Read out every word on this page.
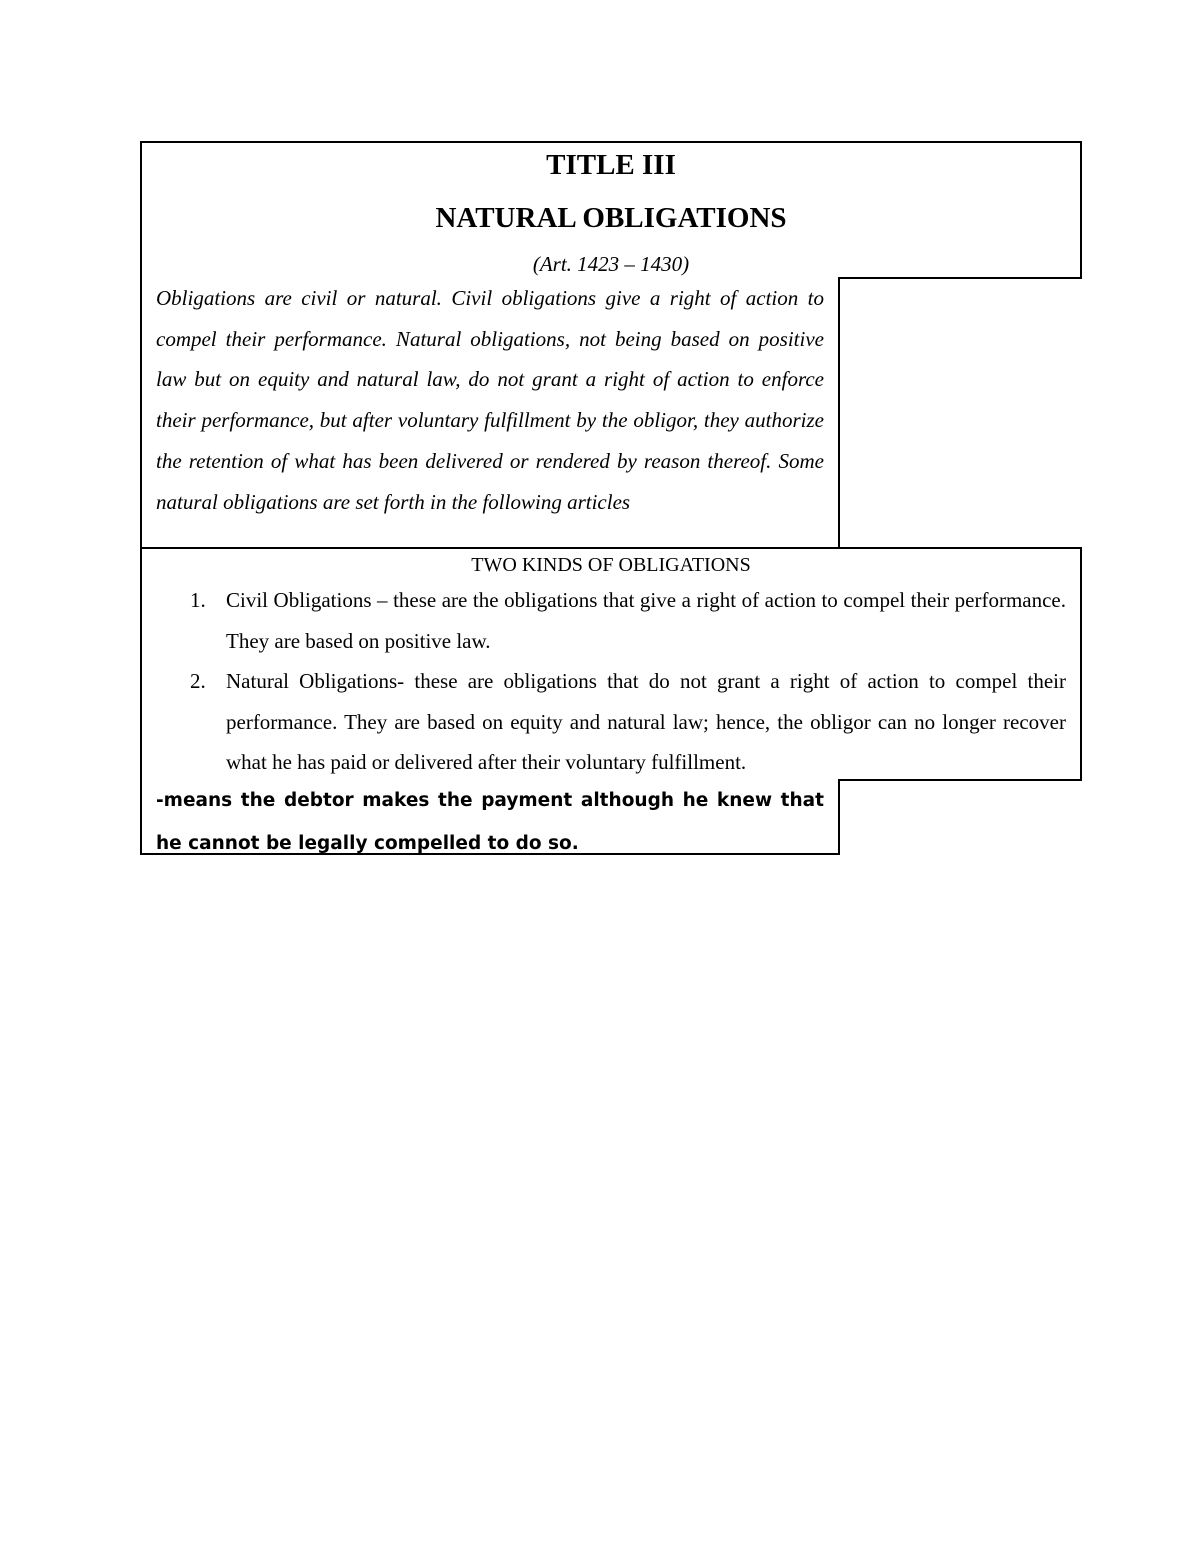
TITLE III
NATURAL OBLIGATIONS
(Art. 1423 – 1430)

Obligations are civil or natural. Civil obligations give a right of action to compel their performance. Natural obligations, not being based on positive law but on equity and natural law, do not grant a right of action to enforce their performance, but after voluntary fulfillment by the obligor, they authorize the retention of what has been delivered or rendered by reason thereof. Some natural obligations are set forth in the following articles

TWO KINDS OF OBLIGATIONS
1. Civil Obligations – these are the obligations that give a right of action to compel their performance. They are based on positive law.
2. Natural Obligations- these are obligations that do not grant a right of action to compel their performance. They are based on equity and natural law; hence, the obligor can no longer recover what he has paid or delivered after their voluntary fulfillment.

-means the debtor makes the payment although he knew that he cannot be legally compelled to do so.
